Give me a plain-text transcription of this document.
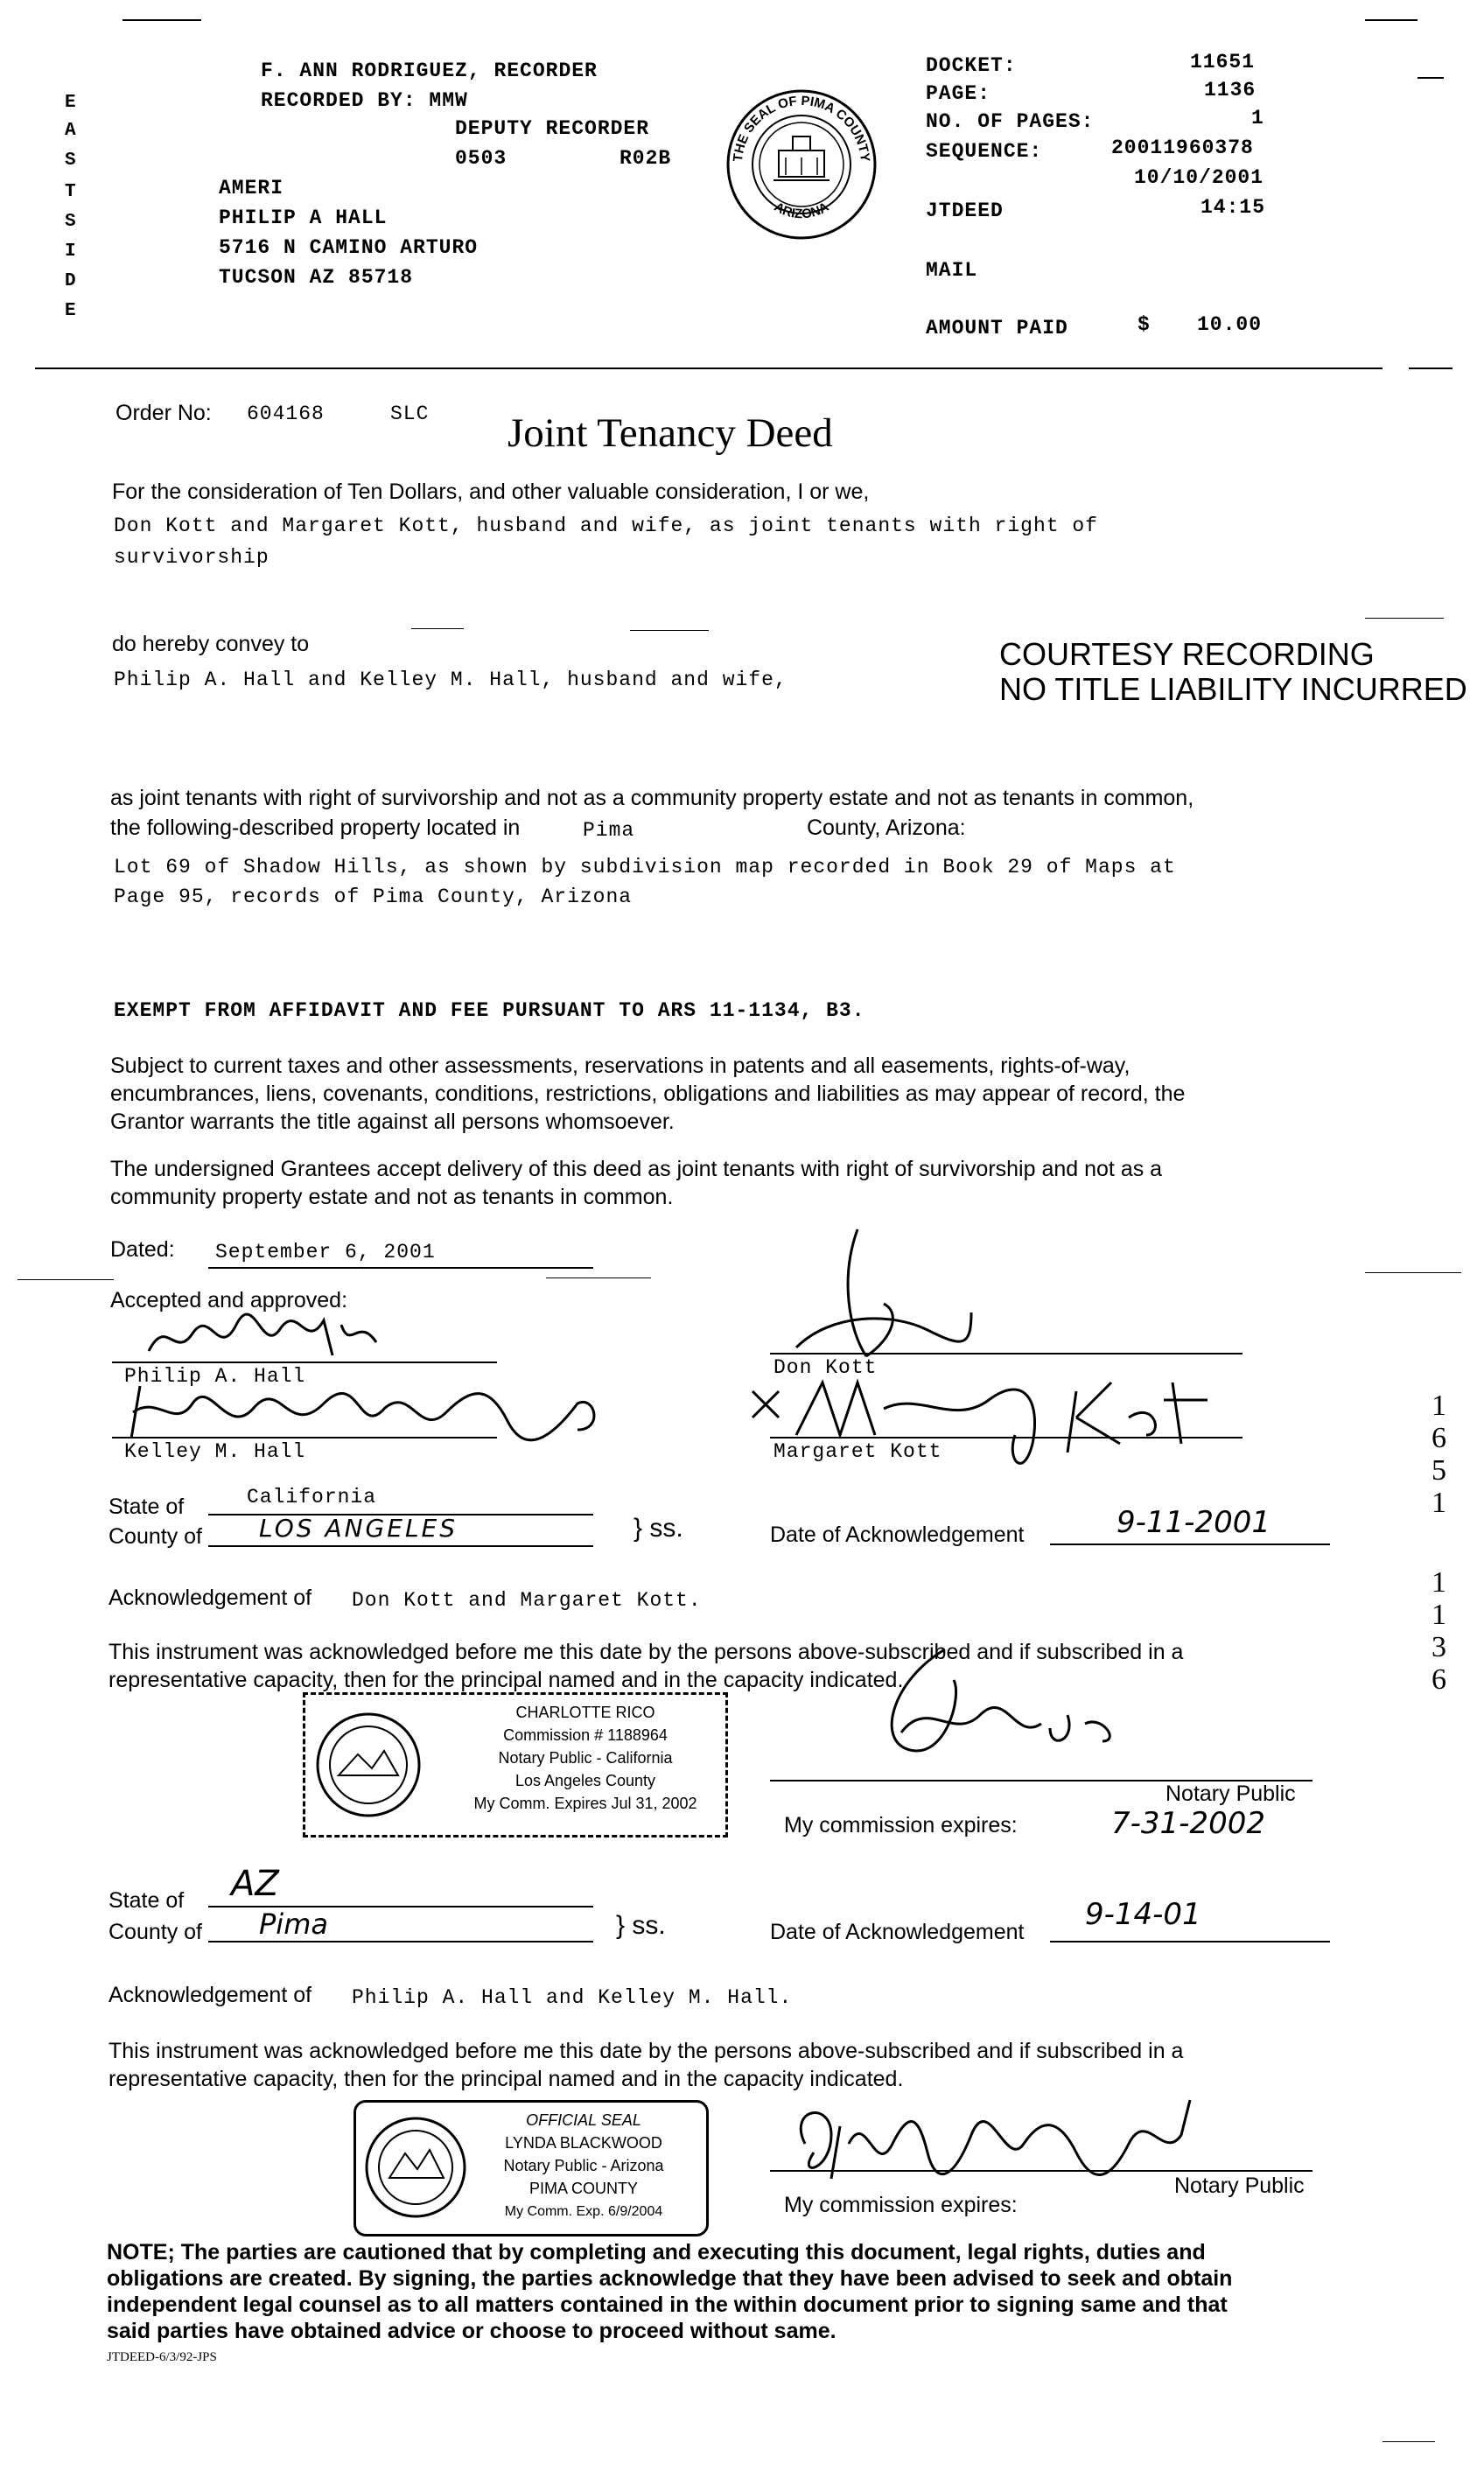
E
A
S
T
S
I
D
E
F. ANN RODRIGUEZ, RECORDER
RECORDED BY: MMW
DEPUTY RECORDER
0503	R02B
AMERI
PHILIP A HALL
5716 N CAMINO ARTURO
TUCSON AZ 85718
THE SEAL OF PIMA COUNTY
ARIZONA
DOCKET:	11651
PAGE:	1136
NO. OF PAGES:	1
SEQUENCE:	20011960378
10/10/2001
JTDEED	14:15
MAIL
AMOUNT PAID	$ 10.00
Order No: 604168	SLC Joint Tenancy Deed
For the consideration of Ten Dollars, and other valuable consideration, I or we,
Don Kott and Margaret Kott, husband and wife, as joint tenants with right of
survivorship
do hereby convey to	COURTESY RECORDING
NO TITLE LIABILITY INCURRED
Philip A. Hall and Kelley M. Hall, husband and wife,
as joint tenants with right of survivorship and not as a community property estate and not as tenants in common,
the following-described property located in	Pima	County, Arizona:
Lot 69 of Shadow Hills, as shown by subdivision map recorded in Book 29 of Maps at
Page 95, records of Pima County, Arizona
EXEMPT FROM AFFIDAVIT AND FEE PURSUANT TO ARS 11-1134, B3.
Subject to current taxes and other assessments, reservations in patents and all easements, rights-of-way,
encumbrances, liens, covenants, conditions, restrictions, obligations and liabilities as may appear of record, the
Grantor warrants the title against all persons whomsoever.
The undersigned Grantees accept delivery of this deed as joint tenants with right of survivorship and not as a
community property estate and not as tenants in common.
Dated: September 6, 2001
Accepted and approved:
Philip A. Hall
Kelley M. Hall
Don Kott
Margaret Kott
State of	California
County of LOS ANGELES	} ss.	Date of Acknowledgement	9-11-2001
Acknowledgement of Don Kott and Margaret Kott.
This instrument was acknowledged before me this date by the persons above-subscribed and if subscribed in a
representative capacity, then for the principal named and in the capacity indicated.
CHARLOTTE RICO
Commission # 1188964
Notary Public - California
Los Angeles County
My Comm. Expires Jul 31, 2002	Notary Public
My commission expires:	7-31-2002
State of AZ
County of Pima	} ss.	Date of Acknowledgement 9-14-01
Acknowledgement of Philip A. Hall and Kelley M. Hall.
This instrument was acknowledged before me this date by the persons above-subscribed and if subscribed in a
representative capacity, then for the principal named and in the capacity indicated.
OFFICIAL SEAL
LYNDA BLACKWOOD
Notary Public - Arizona
PIMA COUNTY
My Comm. Exp. 6/9/2004
Notary Public
My commission expires:
NOTE; The parties are cautioned that by completing and executing this document, legal rights, duties and
obligations are created. By signing, the parties acknowledge that they have been advised to seek and obtain
independent legal counsel as to all matters contained in the within document prior to signing same and that
said parties have obtained advice or choose to proceed without same.
JTDEED-6/3/92-JPS
1
6
5
1
1
1
3
6
